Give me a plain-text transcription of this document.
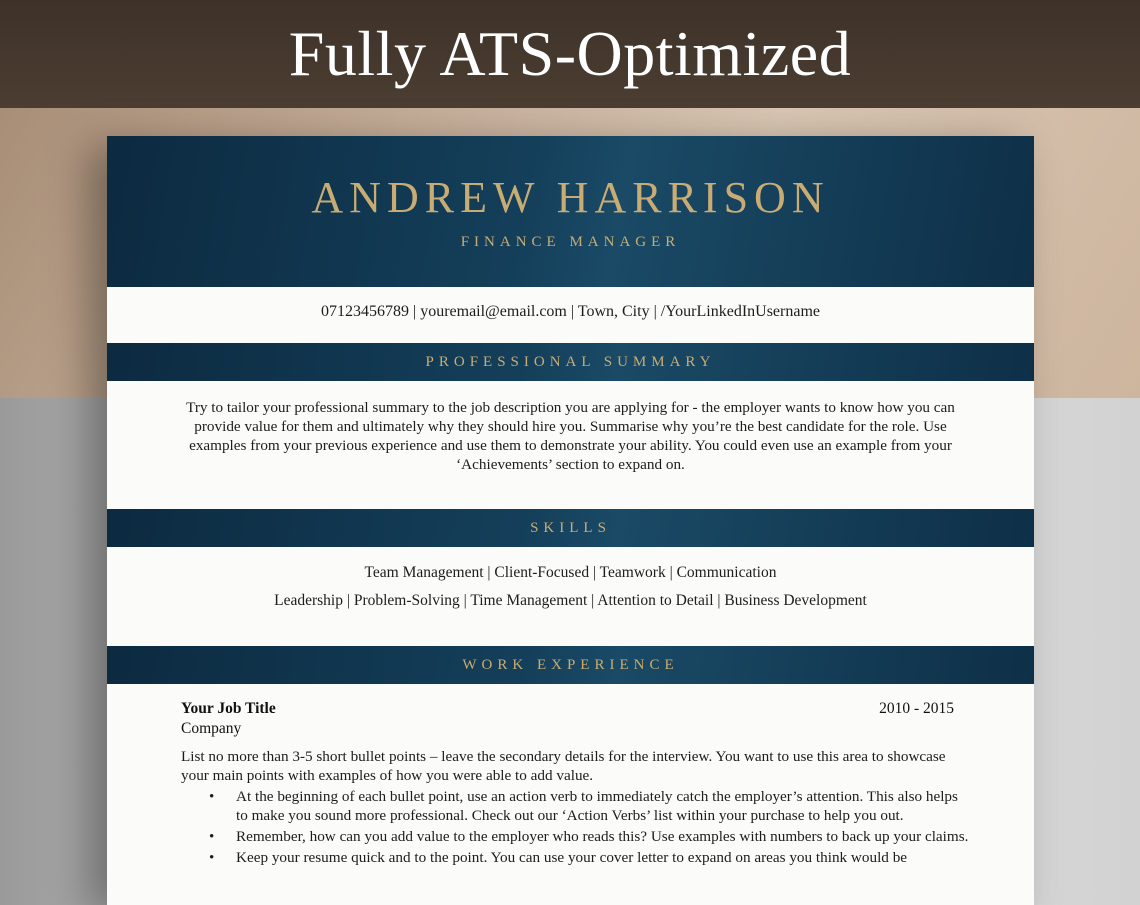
Fully ATS-Optimized
ANDREW HARRISON
FINANCE MANAGER
07123456789 | youremail@email.com | Town, City | /YourLinkedInUsername
PROFESSIONAL SUMMARY
Try to tailor your professional summary to the job description you are applying for - the employer wants to know how you can provide value for them and ultimately why they should hire you. Summarise why you’re the best candidate for the role. Use examples from your previous experience and use them to demonstrate your ability. You could even use an example from your ‘Achievements’ section to expand on.
SKILLS
Team Management | Client-Focused | Teamwork | Communication
Leadership | Problem-Solving | Time Management | Attention to Detail | Business Development
WORK EXPERIENCE
Your Job Title	2010 - 2015
Company
List no more than 3-5 short bullet points – leave the secondary details for the interview. You want to use this area to showcase your main points with examples of how you were able to add value.
• At the beginning of each bullet point, use an action verb to immediately catch the employer’s attention. This also helps to make you sound more professional. Check out our ‘Action Verbs’ list within your purchase to help you out.
• Remember, how can you add value to the employer who reads this? Use examples with numbers to back up your claims.
• Keep your resume quick and to the point. You can use your cover letter to expand on areas you think would be
